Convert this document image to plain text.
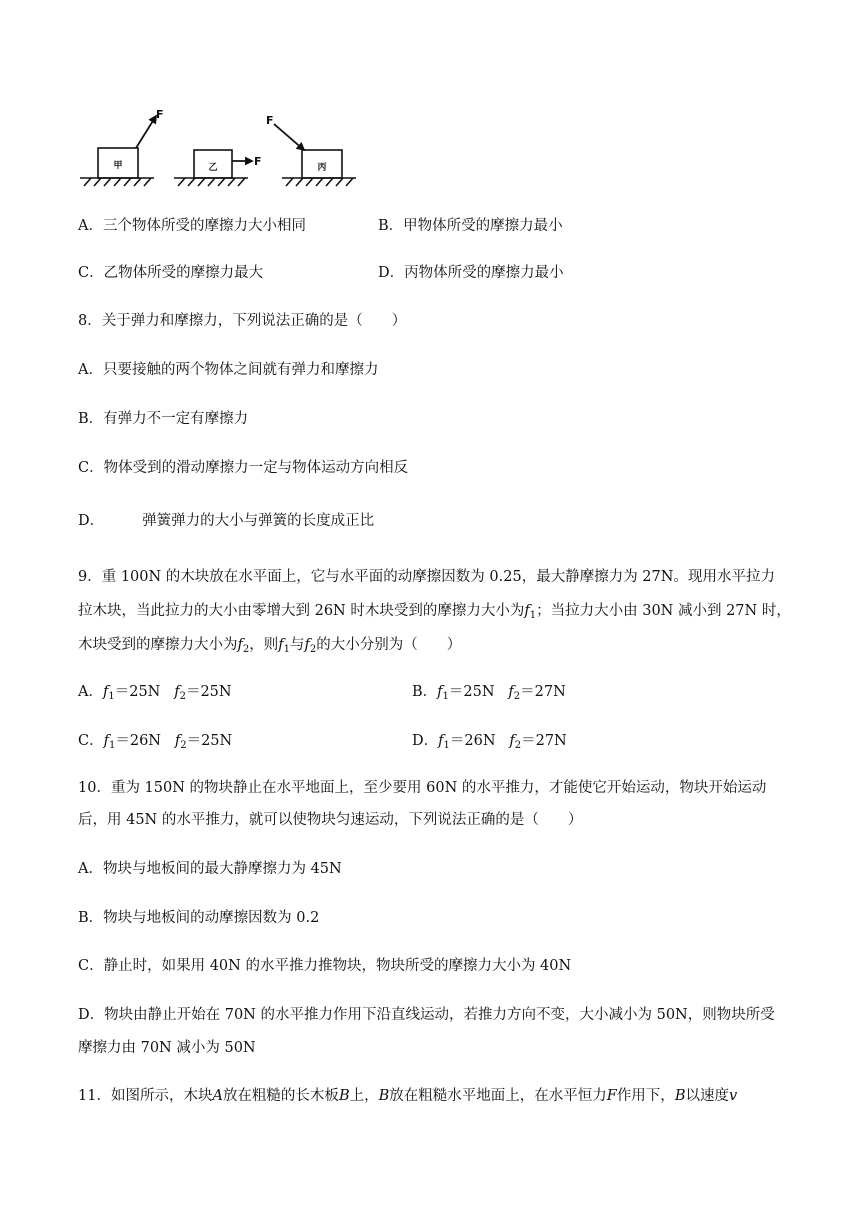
甲
F
乙	F	丙
F
A．三个物体所受的摩擦力大小相同	B．甲物体所受的摩擦力最小
C．乙物体所受的摩擦力最大	D．丙物体所受的摩擦力最小
8．关于弹力和摩擦力，下列说法正确的是（　　）
A．只要接触的两个物体之间就有弹力和摩擦力
B．有弹力不一定有摩擦力
C．物体受到的滑动摩擦力一定与物体运动方向相反
D．	弹簧弹力的大小与弹簧的长度成正比
9．重 100N 的木块放在水平面上，它与水平面的动摩擦因数为 0.25，最大静摩擦力为 27N。现用水平拉力
拉木块，当此拉力的大小由零增大到 26N 时木块受到的摩擦力大小为$f_1$；当拉力大小由 30N 减小到 27N 时，
木块受到的摩擦力大小为$f_2$，则$f_1$与$f_2$的大小分别为（　　）
A．$f_1=25N$ $f_2=25N$	B．$f_1=25N$ $f_2=27N$
C．$f_1=26N$ $f_2=25N$	D．$f_1=26N$ $f_2=27N$
10．重为 150N 的物块静止在水平地面上，至少要用 60N 的水平推力，才能使它开始运动，物块开始运动
后，用 45N 的水平推力，就可以使物块匀速运动，下列说法正确的是（　　）
A．物块与地板间的最大静摩擦力为 45N
B．物块与地板间的动摩擦因数为 0.2
C．静止时，如果用 40N 的水平推力推物块，物块所受的摩擦力大小为 40N
D．物块由静止开始在 70N 的水平推力作用下沿直线运动，若推力方向不变，大小减小为 50N，则物块所受
摩擦力由 70N 减小为 50N
11．如图所示，木块A放在粗糙的长木板B上，B放在粗糙水平地面上，在水平恒力F作用下，B以速度v
